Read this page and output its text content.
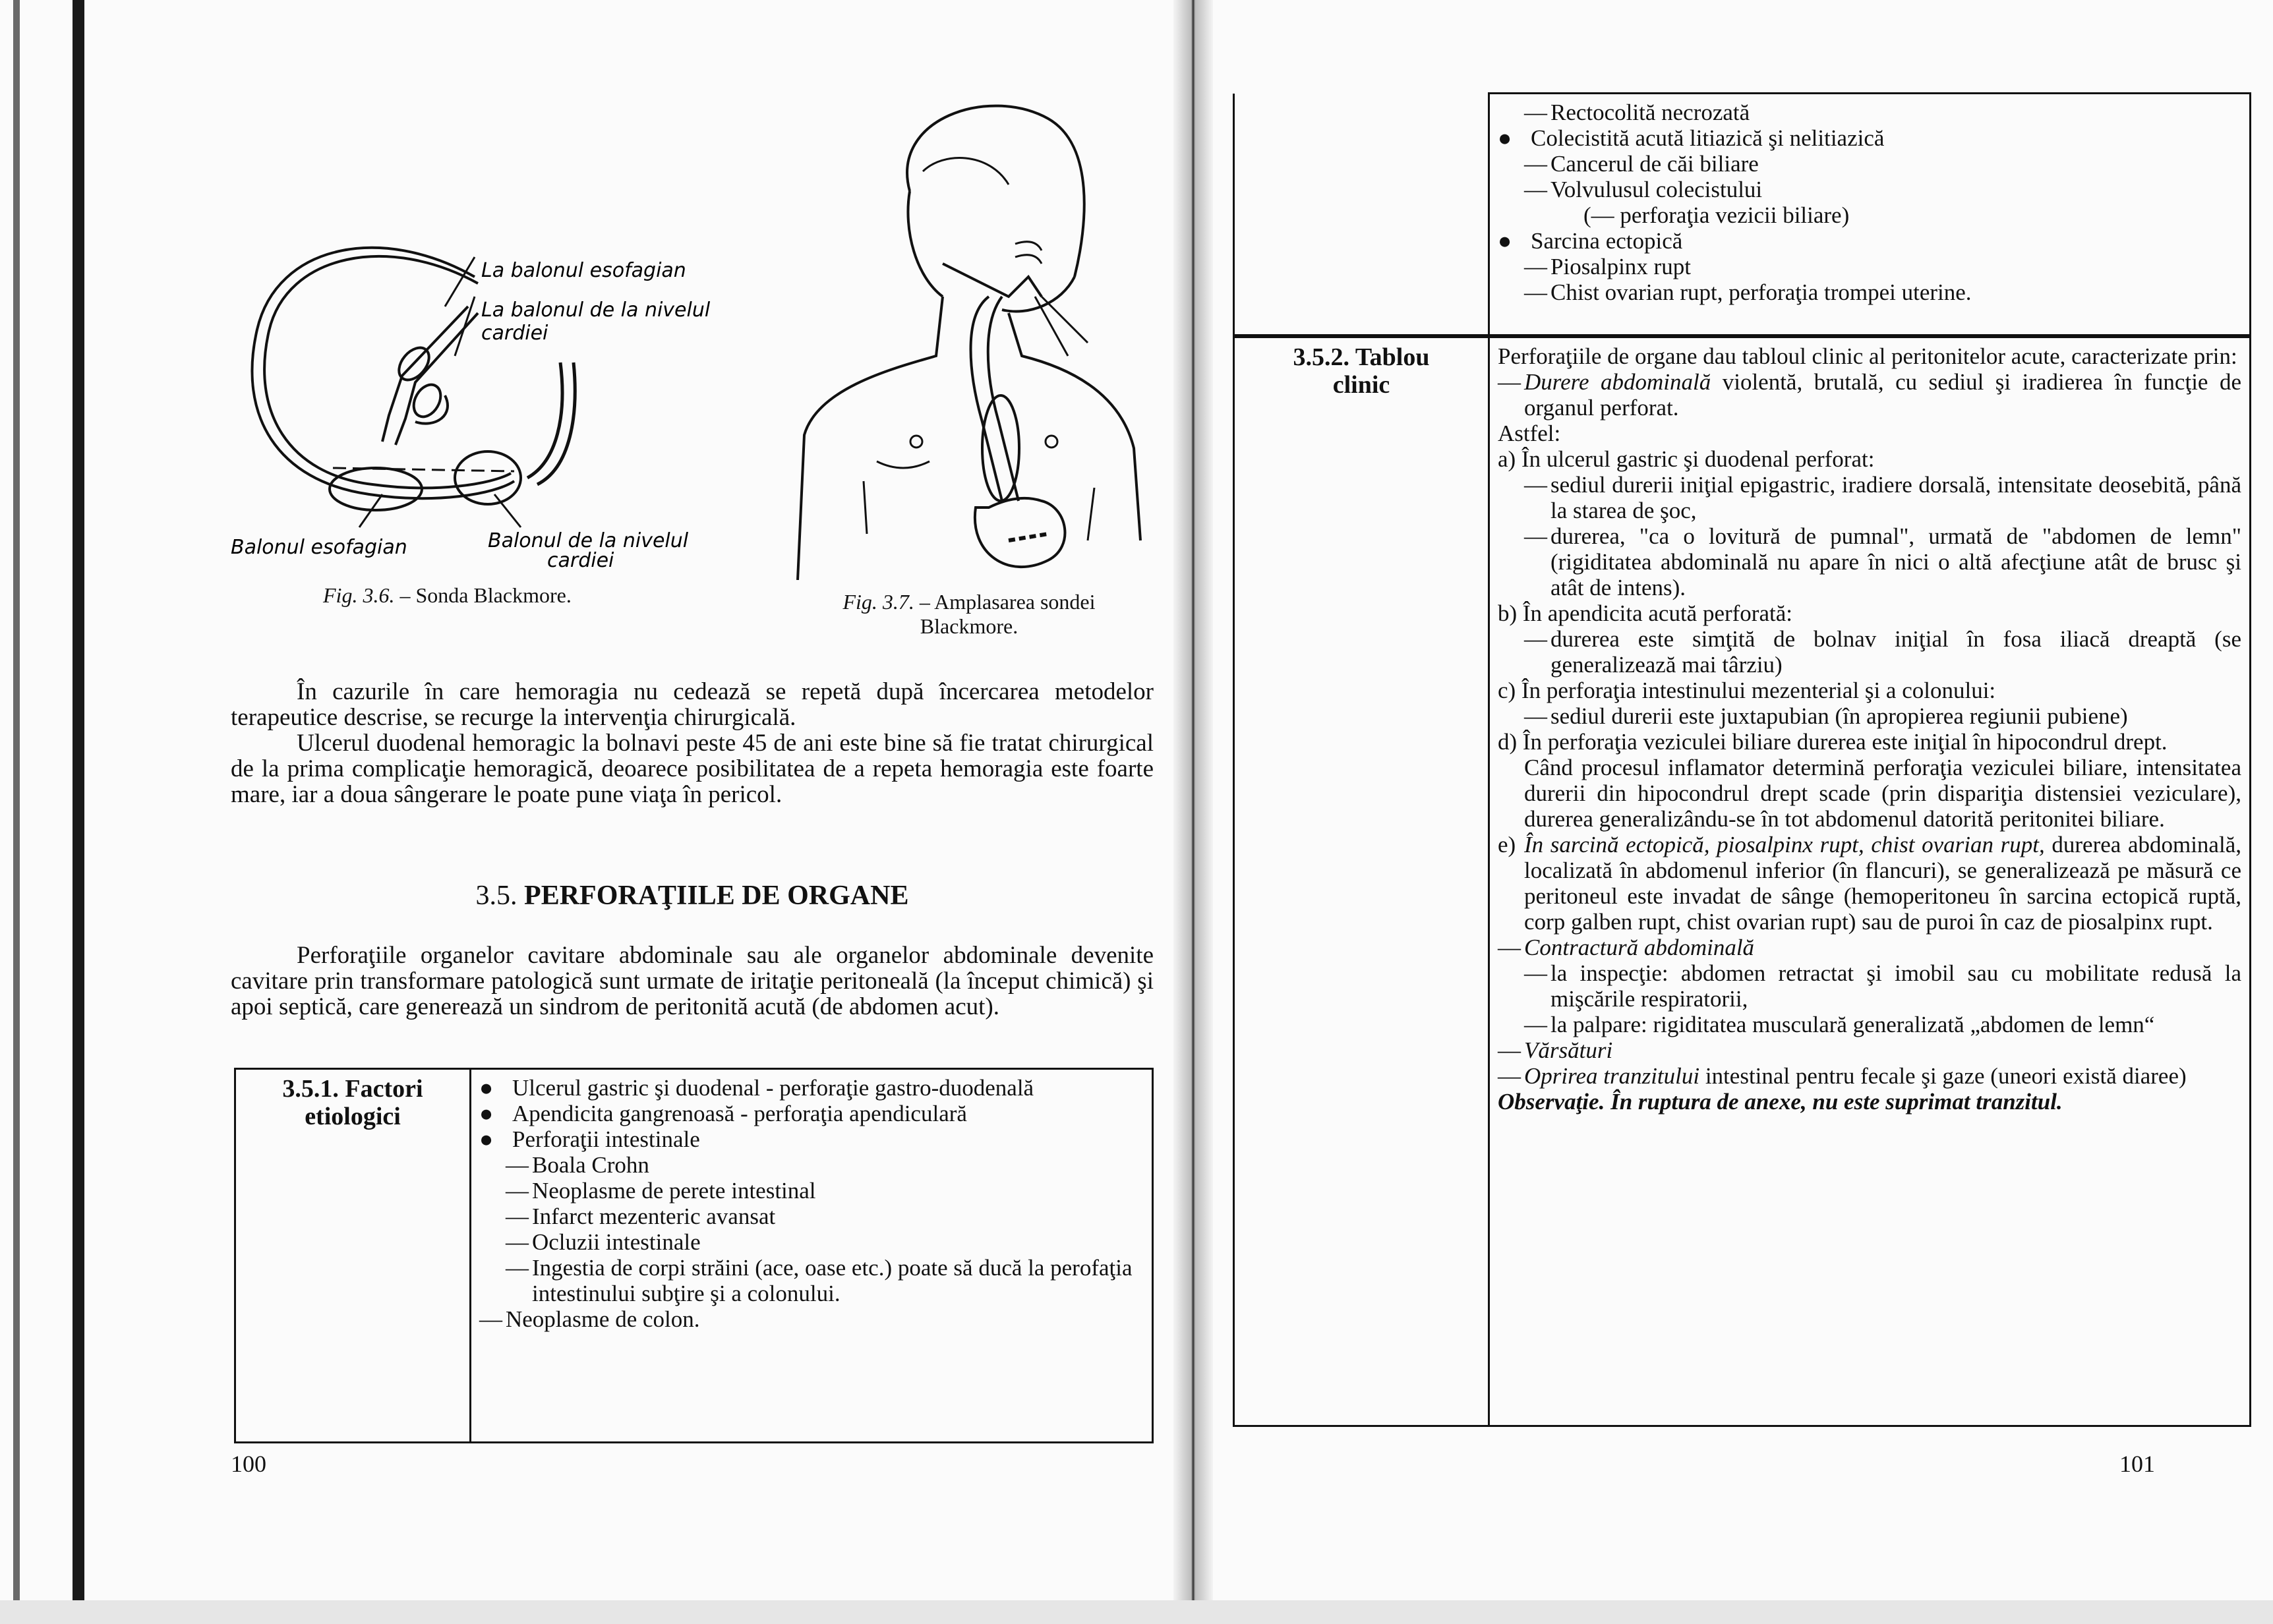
La balonul esofagian
La balonul de la nivelul
cardiei
Balonul esofagian	Balonul de la nivelul
cardiei
Fig. 3.6. – Sonda Blackmore.	Fig. 3.7. – Amplasarea sondei
Blackmore.

În cazurile în care hemoragia nu cedează se repetă după încercarea metodelor terapeutice descrise, se recurge la intervenţia chirurgicală.

Ulcerul duodenal hemoragic la bolnavi peste 45 de ani este bine să fie tratat chirurgical de la prima complicaţie hemoragică, deoarece posibilitatea de a repeta hemoragia este foarte mare, iar a doua sângerare le poate pune viaţa în pericol.

3.5. PERFORAŢIILE DE ORGANE

Perforaţiile organelor cavitare abdominale sau ale organelor abdominale devenite cavitare prin transformare patologică sunt urmate de iritaţie peritoneală (la început chimică) şi apoi septică, care generează un sindrom de peritonită acută (de abdomen acut).

3.5.1. Factori
etiologici

● Ulcerul gastric şi duodenal - perforaţie gastro-duodenală
● Apendicita gangrenoasă - perforaţia apendiculară
● Perforaţii intestinale
— Boala Crohn
— Neoplasme de perete intestinal
— Infarct mezenteric avansat
— Ocluzii intestinale
— Ingestia de corpi străini (ace, oase etc.) poate să ducă la perofaţia intestinului subţire şi a colonului.
— Neoplasme de colon.
100

— Rectocolită necrozată
● Colecistită acută litiazică şi nelitiazică
— Cancerul de căi biliare
— Volvulusul colecistului
(— perforaţia vezicii biliare)
● Sarcina ectopică
— Piosalpinx rupt
— Chist ovarian rupt, perforaţia trompei uterine.
3.5.2. Tablou
clinic

Perforaţiile de organe dau tabloul clinic al peritonitelor acute, caracterizate prin:
— Durere abdominală violentă, brutală, cu sediul şi iradierea în funcţie de organul perforat.
Astfel:
a) În ulcerul gastric şi duodenal perforat:
— sediul durerii iniţial epigastric, iradiere dorsală, intensitate deosebită, până la starea de şoc,
— durerea, "ca o lovitură de pumnal", urmată de "abdomen de lemn" (rigiditatea abdominală nu apare în nici o altă afecţiune atât de brusc şi atât de intens).
b) În apendicita acută perforată:
— durerea este simţită de bolnav iniţial în fosa iliacă dreaptă (se generalizează mai târziu)
c) În perforaţia intestinului mezenterial şi a colonului:
— sediul durerii este juxtapubian (în apropierea regiunii pubiene)
d) În perforaţia veziculei biliare durerea este iniţial în hipocondrul drept.
Când procesul inflamator determină perforaţia veziculei biliare, intensitatea durerii din hipocondrul drept scade (prin dispariţia distensiei veziculare), durerea generalizându-se în tot abdomenul datorită peritonitei biliare.
e) În sarcină ectopică, piosalpinx rupt, chist ovarian rupt, durerea abdominală, localizată în abdomenul inferior (în flancuri), se generalizează pe măsură ce peritoneul este invadat de sânge (hemoperitoneu în sarcina ectopică ruptă, corp galben rupt, chist ovarian rupt) sau de puroi în caz de piosalpinx rupt.
— Contractură abdominală
— la inspecţie: abdomen retractat şi imobil sau cu mobilitate redusă la mişcările respiratorii,
— la palpare: rigiditatea musculară generalizată „abdomen de lemn“
— Vărsături
— Oprirea tranzitului intestinal pentru fecale şi gaze (uneori există diaree)
Observaţie. În ruptura de anexe, nu este suprimat tranzitul.
101
